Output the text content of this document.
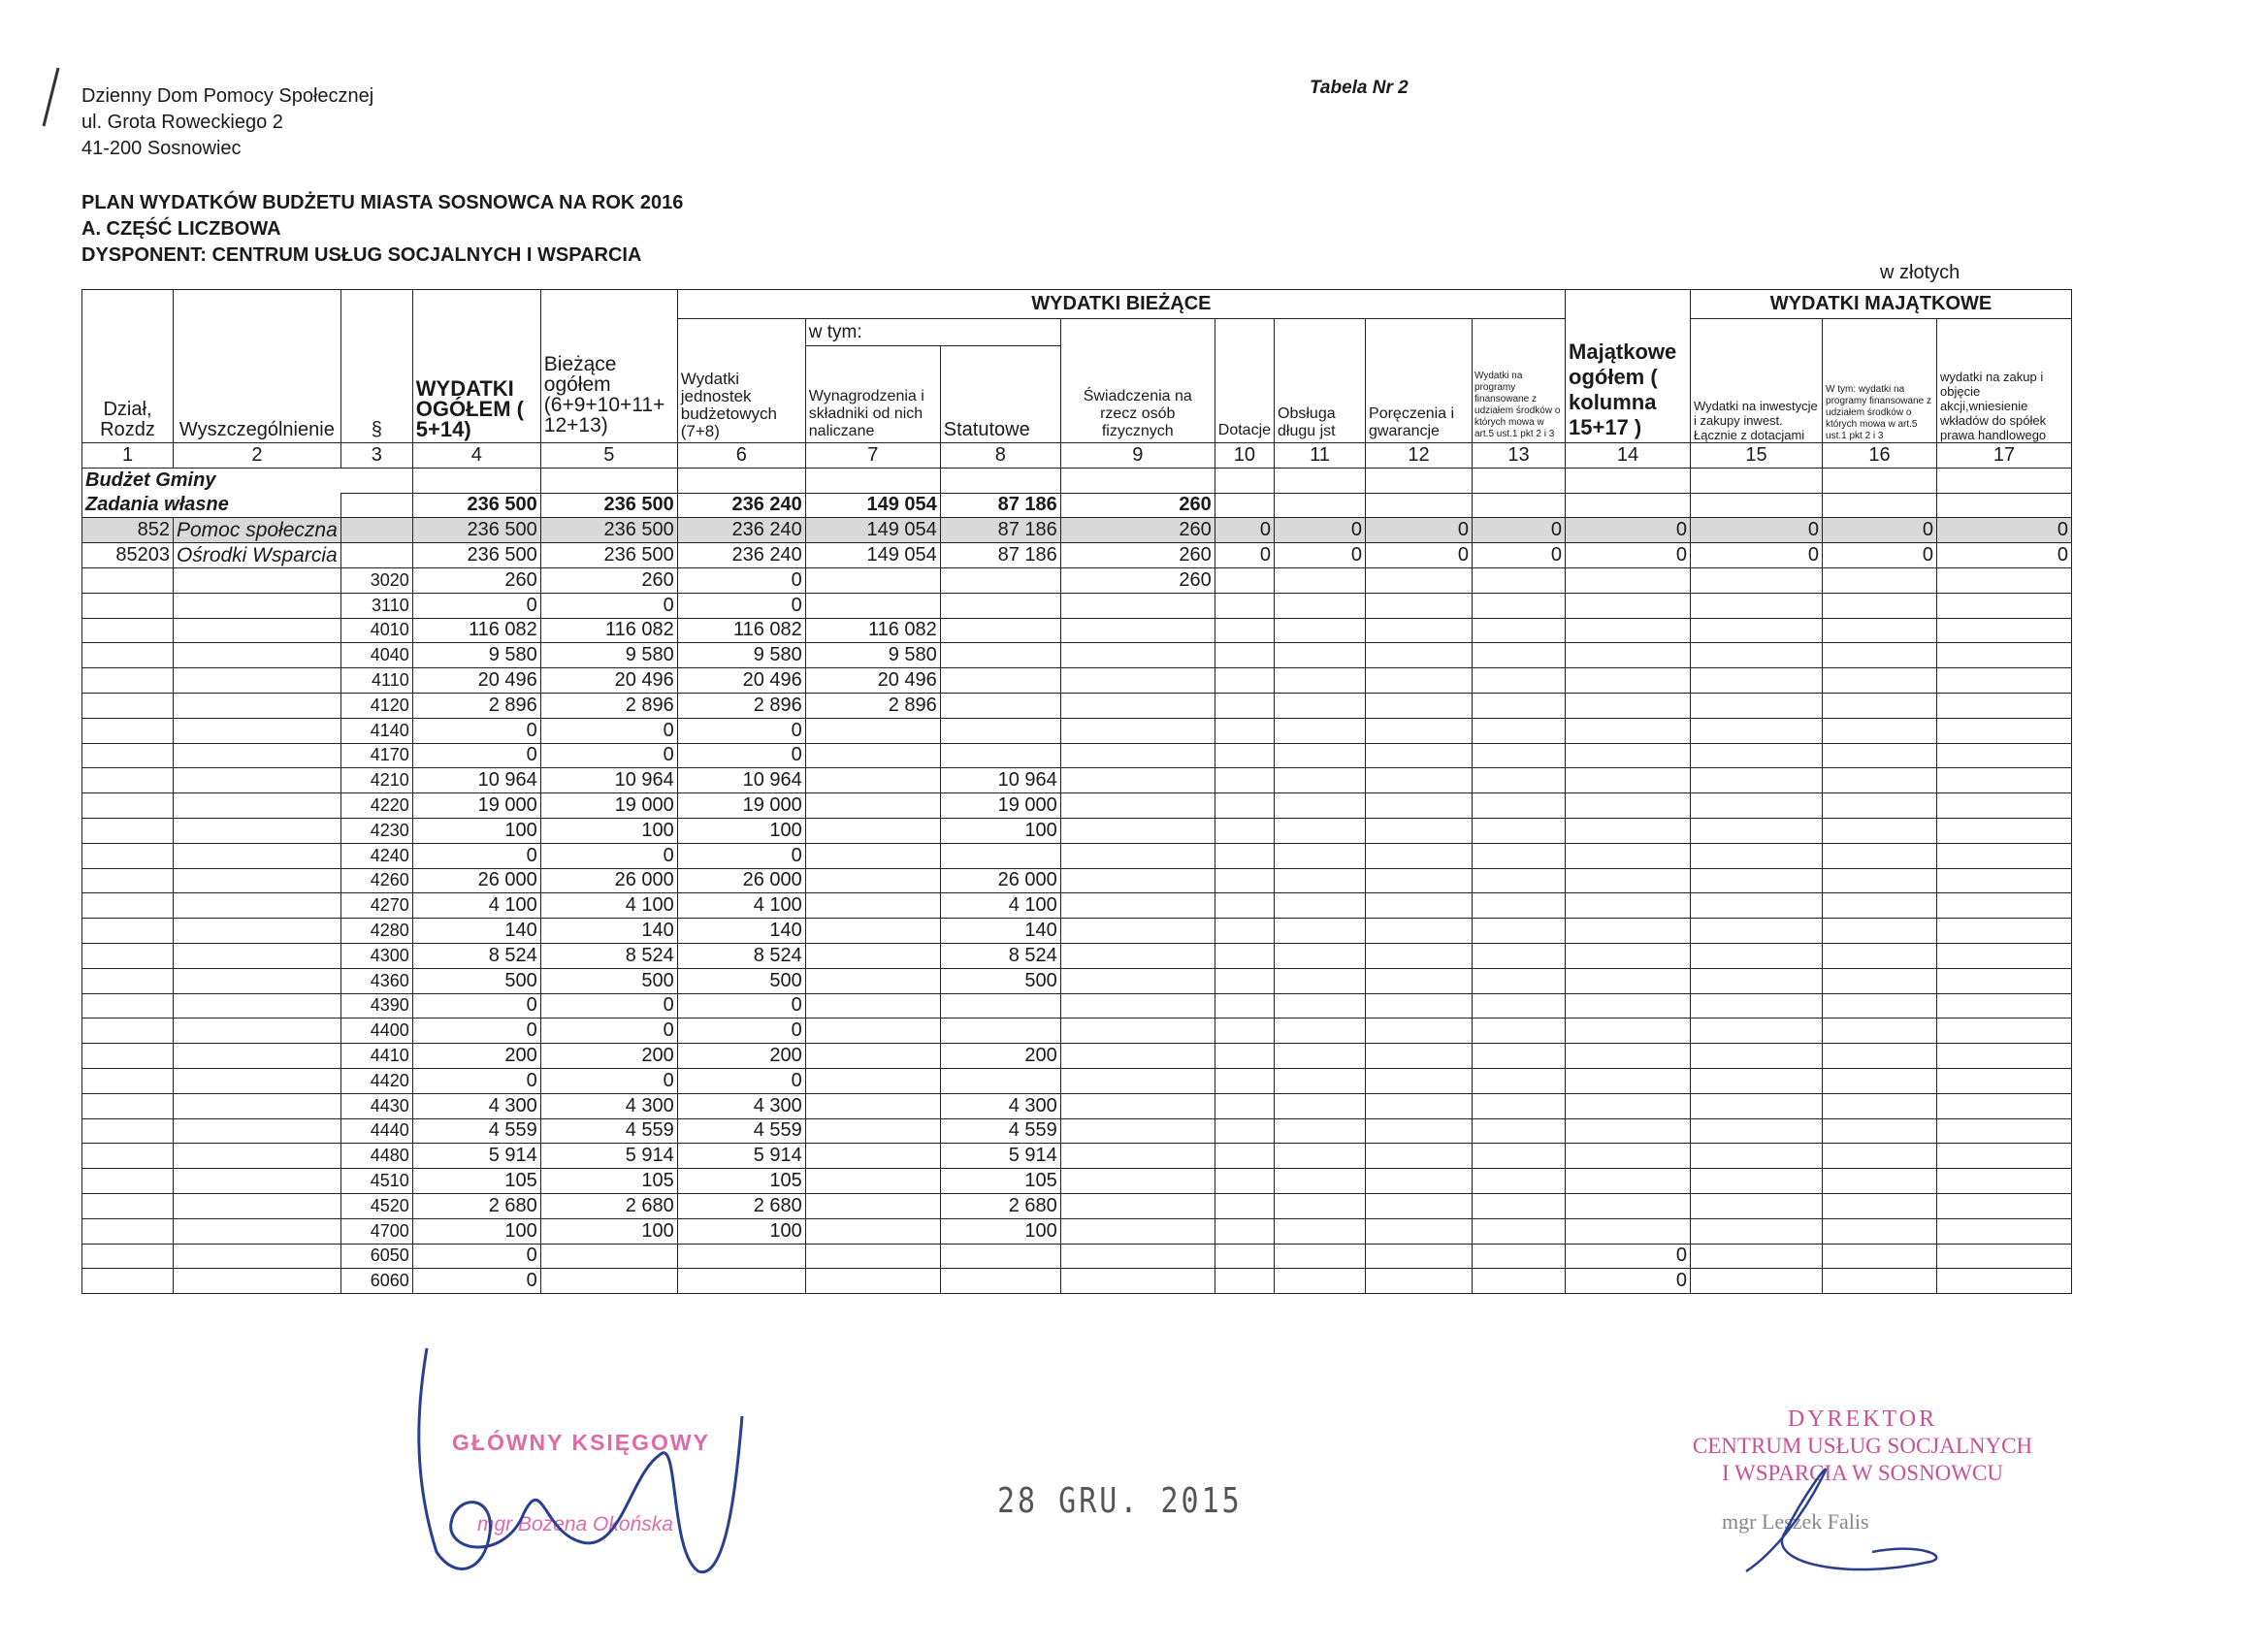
Dzienny Dom Pomocy Społecznej
ul. Grota Roweckiego 2
41-200 Sosnowiec
Tabela Nr 2
PLAN WYDATKÓW BUDŻETU MIASTA SOSNOWCA NA ROK 2016
A. CZĘŚĆ LICZBOWA
DYSPONENT: CENTRUM USŁUG SOCJALNYCH I WSPARCIA
w złotych
Dział, Rozdz	Wyszczególnienie	§	WYDATKI OGÓŁEM ( 5+14)	Bieżące ogółem (6+9+10+11+ 12+13)	WYDATKI BIEŻĄCE								Majątkowe ogółem ( kolumna 15+17 )	WYDATKI MAJĄTKOWE		
					Wydatki jednostek budżetowych (7+8)	w tym:		Świadczenia na rzecz osób fizycznych	Dotacje	Obsługa długu jst	Poręczenia i gwarancje	Wydatki na programy finansowane z udziałem środków o których mowa w art.5 ust.1 pkt 2 i 3		Wydatki na inwestycje i zakupy inwest. Łącznie z dotacjami	W tym: wydatki na programy finansowane z udziałem środków o których mowa w art.5 ust.1 pkt 2 i 3	wydatki na zakup i objęcie akcji,wniesienie wkładów do spółek prawa handlowego
						Wynagrodzenia i składniki od nich naliczane	Statutowe									
1	2	3	4	5	6	7	8	9	10	11	12	13	14	15	16	17
Budżet Gminy																
Zadania własne			236 500	236 500	236 240	149 054	87 186	260								
852	Pomoc społeczna		236 500	236 500	236 240	149 054	87 186	260	0	0	0	0	0	0	0	0
85203	Ośrodki Wsparcia		236 500	236 500	236 240	149 054	87 186	260	0	0	0	0	0	0	0	0
		3020	260	260	0			260								
		3110	0	0	0											
		4010	116 082	116 082	116 082	116 082										
		4040	9 580	9 580	9 580	9 580										
		4110	20 496	20 496	20 496	20 496										
		4120	2 896	2 896	2 896	2 896										
		4140	0	0	0											
		4170	0	0	0											
		4210	10 964	10 964	10 964		10 964									
		4220	19 000	19 000	19 000		19 000									
		4230	100	100	100		100									
		4240	0	0	0											
		4260	26 000	26 000	26 000		26 000									
		4270	4 100	4 100	4 100		4 100									
		4280	140	140	140		140									
		4300	8 524	8 524	8 524		8 524									
		4360	500	500	500		500									
		4390	0	0	0											
		4400	0	0	0											
		4410	200	200	200		200									
		4420	0	0	0											
		4430	4 300	4 300	4 300		4 300									
		4440	4 559	4 559	4 559		4 559									
		4480	5 914	5 914	5 914		5 914									
		4510	105	105	105		105									
		4520	2 680	2 680	2 680		2 680									
		4700	100	100	100		100									
		6050	0										0			
		6060	0										0			
GŁÓWNY KSIĘGOWY
mgr Bożena Okońska
28 GRU. 2015
DYREKTOR
CENTRUM USŁUG SOCJALNYCH
I WSPARCIA W SOSNOWCU
mgr Leszek Falis
